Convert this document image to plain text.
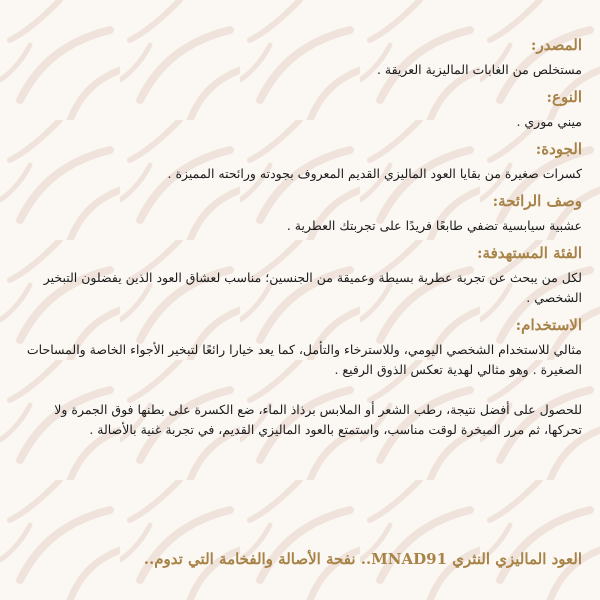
المصدر:

مستخلص من الغابات الماليزية العريقة .

النوع:

ميني موري .

الجودة:

كسرات صغيرة من بقايا العود الماليزي القديم المعروف بجودته ورائحته المميزة .

وصف الرائحة:

عشبية سيابسية تضفي طابعًا فريدًا على تجربتك العطرية .

الفئة المستهدفة:

لكل من يبحث عن تجربة عطرية بسيطة وعميقة من الجنسين؛ مناسب لعشاق العود الذين يفضلون التبخير الشخصي .

الاستخدام:

مثالي للاستخدام الشخصي اليومي، وللاسترخاء والتأمل، كما يعد خيارا رائعًا لتبخير الأجواء الخاصة والمساحات الصغيرة . وهو مثالي لهدية تعكس الذوق الرفيع .

للحصول على أفضل نتيجة، رطب الشعر أو الملابس برذاذ الماء، ضع الكسرة على بطنها فوق الجمرة ولا تحركها، ثم مرر المبخرة لوقت مناسب، واستمتع بالعود الماليزي القديم، في تجربة غنية بالأصالة .

العود الماليزي النثري MNAD91.. نفحة الأصالة والفخامة التي تدوم..
